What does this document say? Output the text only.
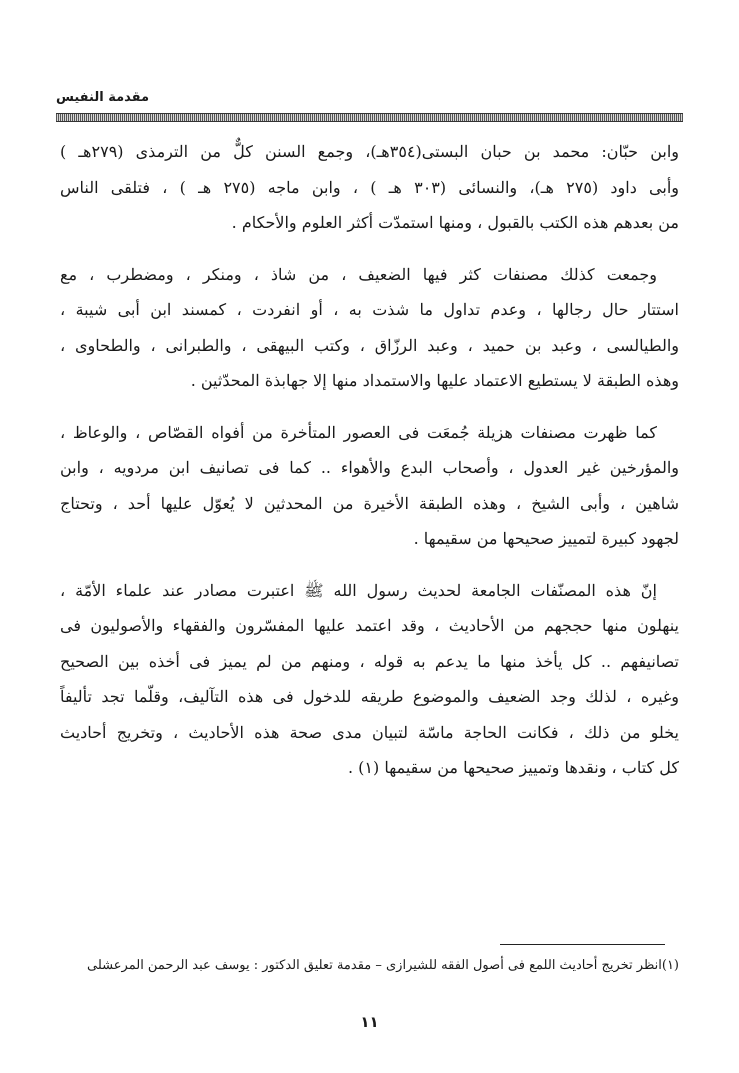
مقدمة النفيس
وابن حبّان: محمد بن حبان البستى(٣٥٤هـ)، وجمع السنن كلٌّ من الترمذى (٢٧٩هـ )
وأبى داود (٢٧٥ هـ)، والنسائى (٣٠٣ هـ ) ، وابن ماجه (٢٧٥ هـ ) ، فتلقى الناس
من بعدهم هذه الكتب بالقبول ، ومنها استمدّت أكثر العلوم والأحكام .
وجمعت كذلك مصنفات كثر فيها الضعيف ، من شاذ ، ومنكر ، ومضطرب ، مع
استتار حال رجالها ، وعدم تداول ما شذت به ، أو انفردت ، كمسند ابن أبى شيبة ،
والطيالسى ، وعبد بن حميد ، وعبد الرزّاق ، وكتب البيهقى ، والطبرانى ، والطحاوى ،
وهذه الطبقة لا يستطيع الاعتماد عليها والاستمداد منها إلا جهابذة المحدّثين .
كما ظهرت مصنفات هزيلة جُمعَت فى العصور المتأخرة من أفواه القصّاص ، والوعاظ ،
والمؤرخين غير العدول ، وأصحاب البدع والأهواء .. كما فى تصانيف ابن مردويه ، وابن
شاهين ، وأبى الشيخ ، وهذه الطبقة الأخيرة من المحدثين لا يُعوّل عليها أحد ، وتحتاج
لجهود كبيرة لتمييز صحيحها من سقيمها .
إنّ هذه المصنّفات الجامعة لحديث رسول الله ﷺ اعتبرت مصادر عند علماء الأمّة ،
ينهلون منها حججهم من الأحاديث ، وقد اعتمد عليها المفسّرون والفقهاء والأصوليون فى
تصانيفهم .. كل يأخذ منها ما يدعم به قوله ، ومنهم من لم يميز فى أخذه بين الصحيح
وغيره ، لذلك وجد الضعيف والموضوع طريقه للدخول فى هذه التآليف، وقلّما تجد تأليفاً
يخلو من ذلك ، فكانت الحاجة ماسّة لتبيان مدى صحة هذه الأحاديث ، وتخريج أحاديث
كل كتاب ، ونقدها وتمييز صحيحها من سقيمها (١) .
(١)انظر تخريج أحاديث اللمع فى أصول الفقه للشيرازى – مقدمة تعليق الدكتور : يوسف عبد الرحمن المرعشلى
١١
